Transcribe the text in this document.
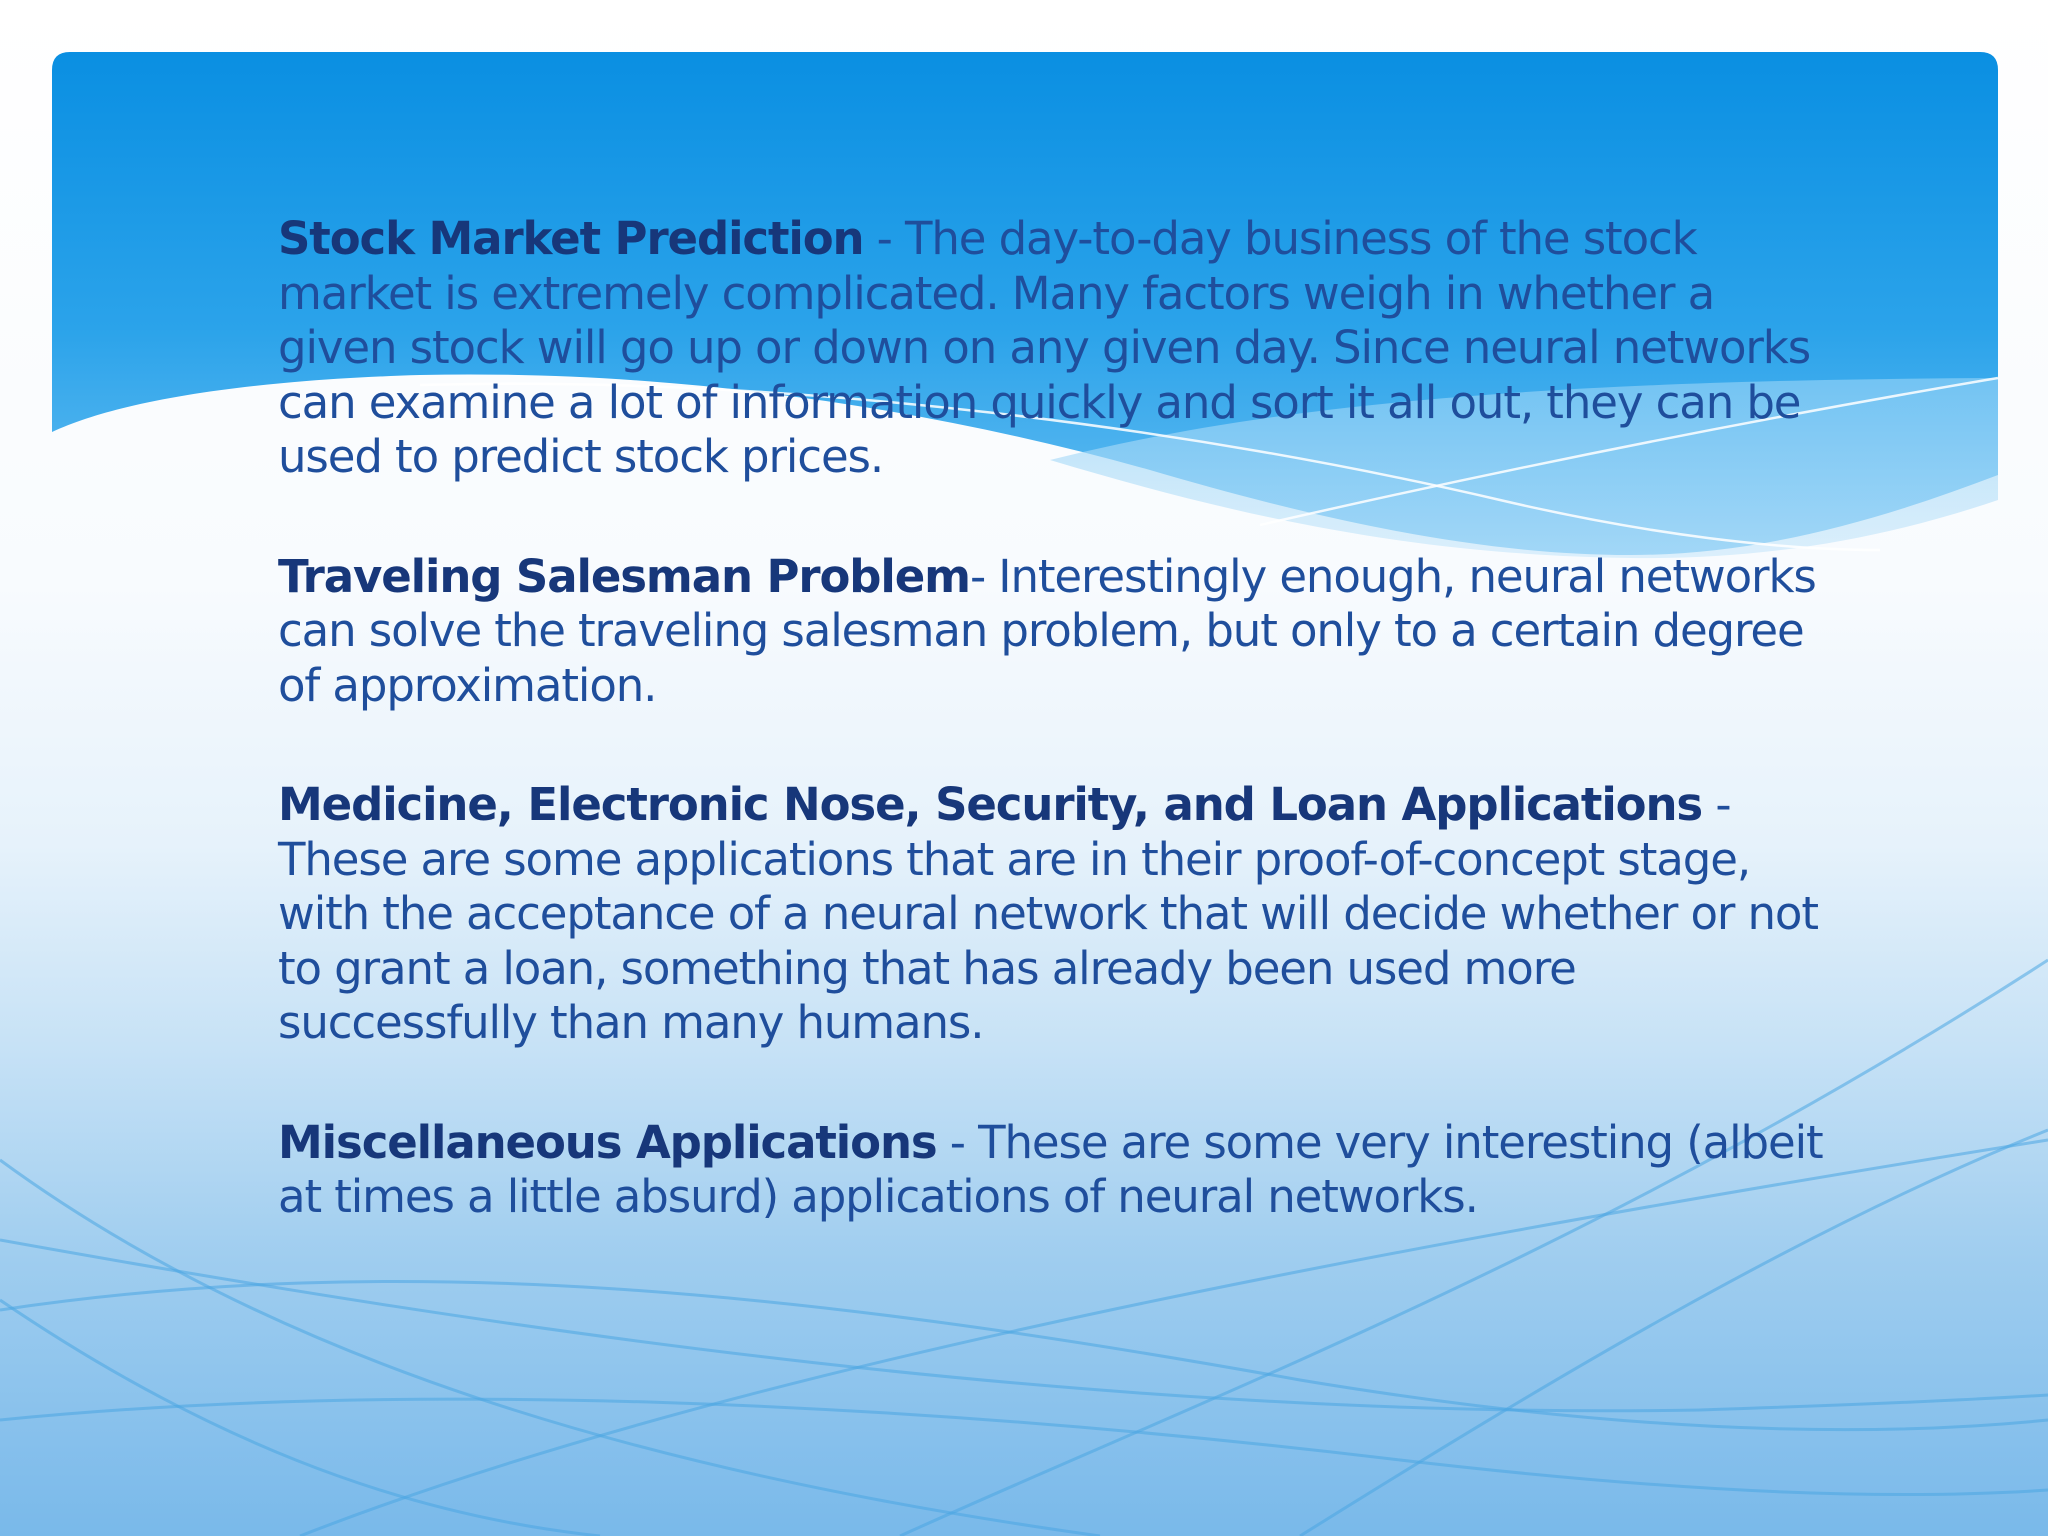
Stock Market Prediction - The day-to-day business of the stock market is extremely complicated. Many factors weigh in whether a given stock will go up or down on any given day. Since neural networks can examine a lot of information quickly and sort it all out, they can be used to predict stock prices.

Traveling Salesman Problem- Interestingly enough, neural networks can solve the traveling salesman problem, but only to a certain degree of approximation.

Medicine, Electronic Nose, Security, and Loan Applications - These are some applications that are in their proof-of-concept stage, with the acceptance of a neural network that will decide whether or not to grant a loan, something that has already been used more successfully than many humans.

Miscellaneous Applications - These are some very interesting (albeit at times a little absurd) applications of neural networks.
